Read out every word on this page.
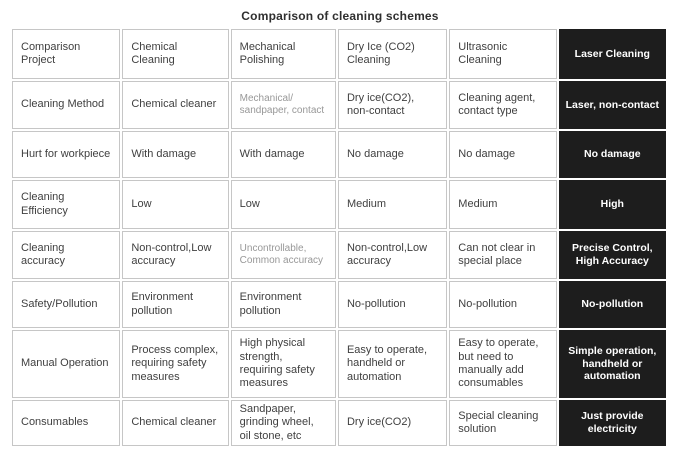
Comparison of cleaning schemes
Comparison Project	Chemical Cleaning	Mechanical Polishing	Dry Ice (CO2) Cleaning	Ultrasonic Cleaning	Laser Cleaning
Cleaning Method	Chemical cleaner	Mechanical/ sandpaper, contact	Dry ice(CO2), non-contact	Cleaning agent, contact type	Laser, non-contact
Hurt for workpiece	With damage	With damage	No damage	No damage	No damage
Cleaning Efficiency	Low	Low	Medium	Medium	High
Cleaning accuracy	Non-control,Low accuracy	Uncontrollable, Common accuracy	Non-control,Low accuracy	Can not clear in special place	Precise Control, High Accuracy
Safety/Pollution	Environment pollution	Environment pollution	No-pollution	No-pollution	No-pollution
Manual Operation	Process complex, requiring safety measures	High physical strength, requiring safety measures	Easy to operate, handheld or automation	Easy to operate, but need to manually add consumables	Simple operation, handheld or automation
Consumables	Chemical cleaner	Sandpaper, grinding wheel, oil stone, etc	Dry ice(CO2)	Special cleaning solution	Just provide electricity
